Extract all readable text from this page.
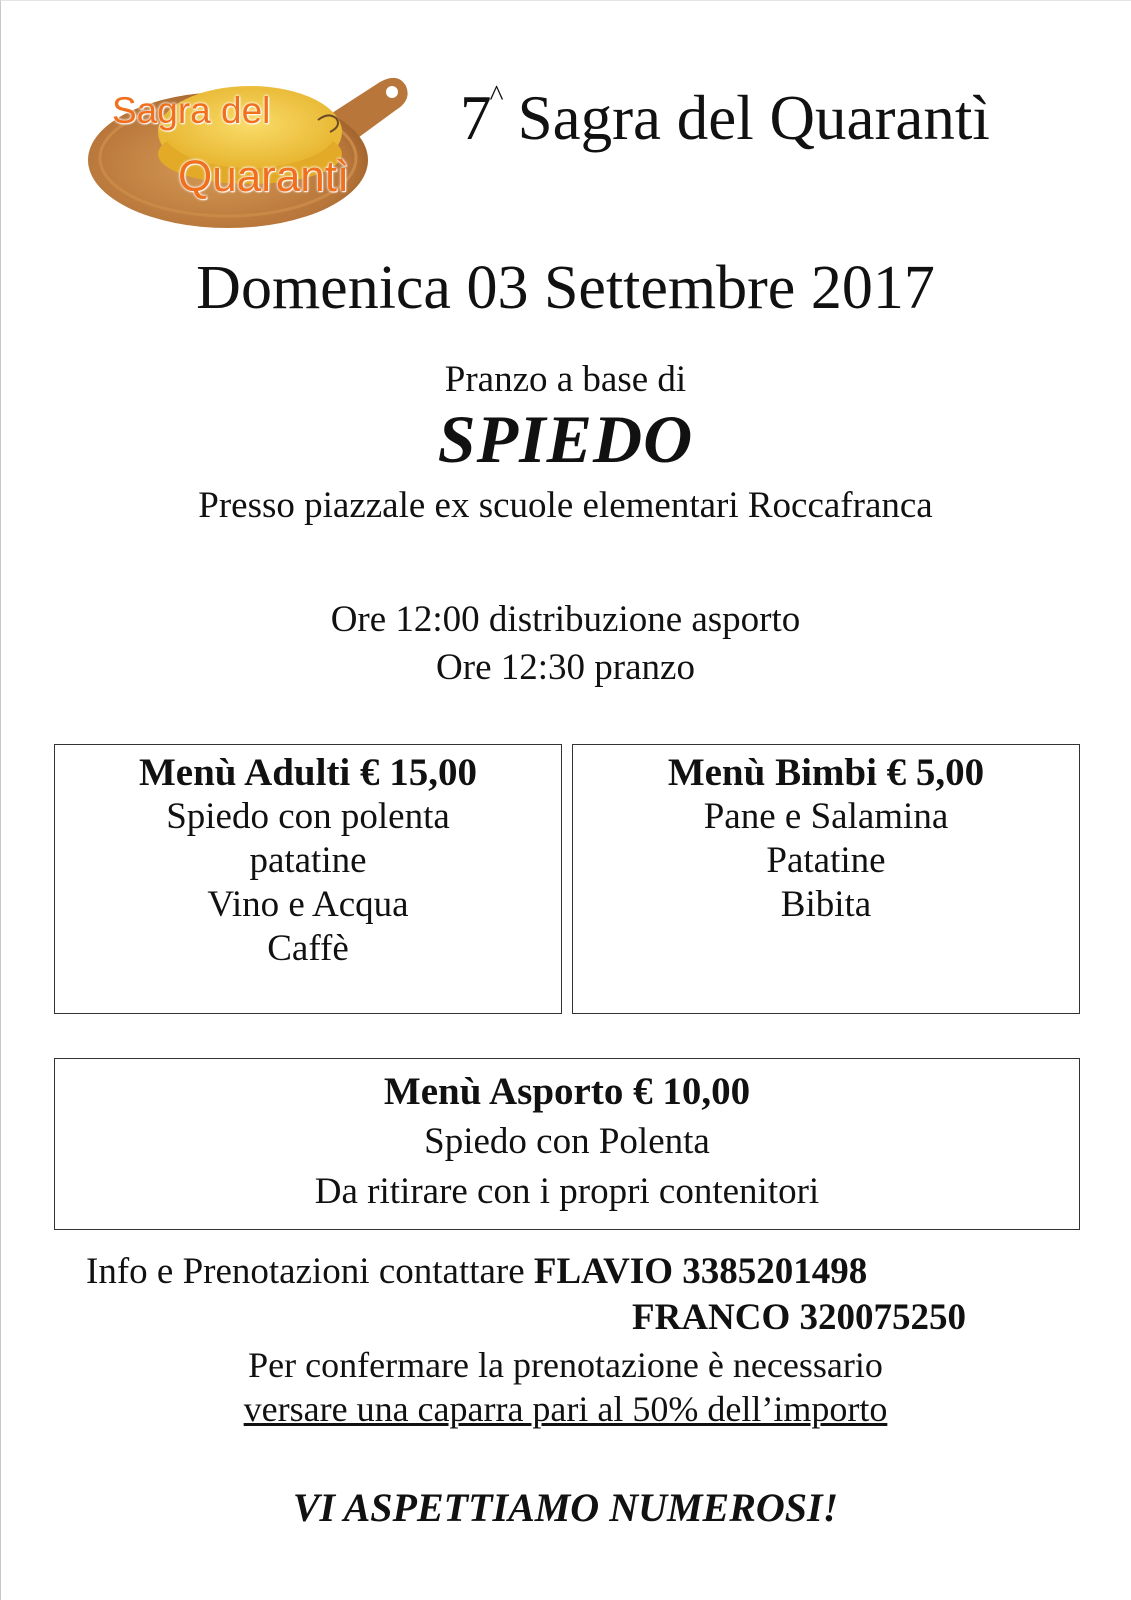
Sagra del
Quarantì
7^ Sagra del Quarantì
Domenica 03 Settembre 2017
Pranzo a base di
SPIEDO
Presso piazzale ex scuole elementari Roccafranca
Ore 12:00 distribuzione asporto
Ore 12:30 pranzo
Menù Adulti € 15,00
Spiedo con polenta
patatine
Vino e Acqua
Caffè
Menù Bimbi € 5,00
Pane e Salamina
Patatine
Bibita
Menù Asporto € 10,00
Spiedo con Polenta
Da ritirare con i propri contenitori
Info e Prenotazioni contattare FLAVIO 3385201498
FRANCO 320075250
Per confermare la prenotazione è necessario
versare una caparra pari al 50% dell’importo
VI ASPETTIAMO NUMEROSI!
